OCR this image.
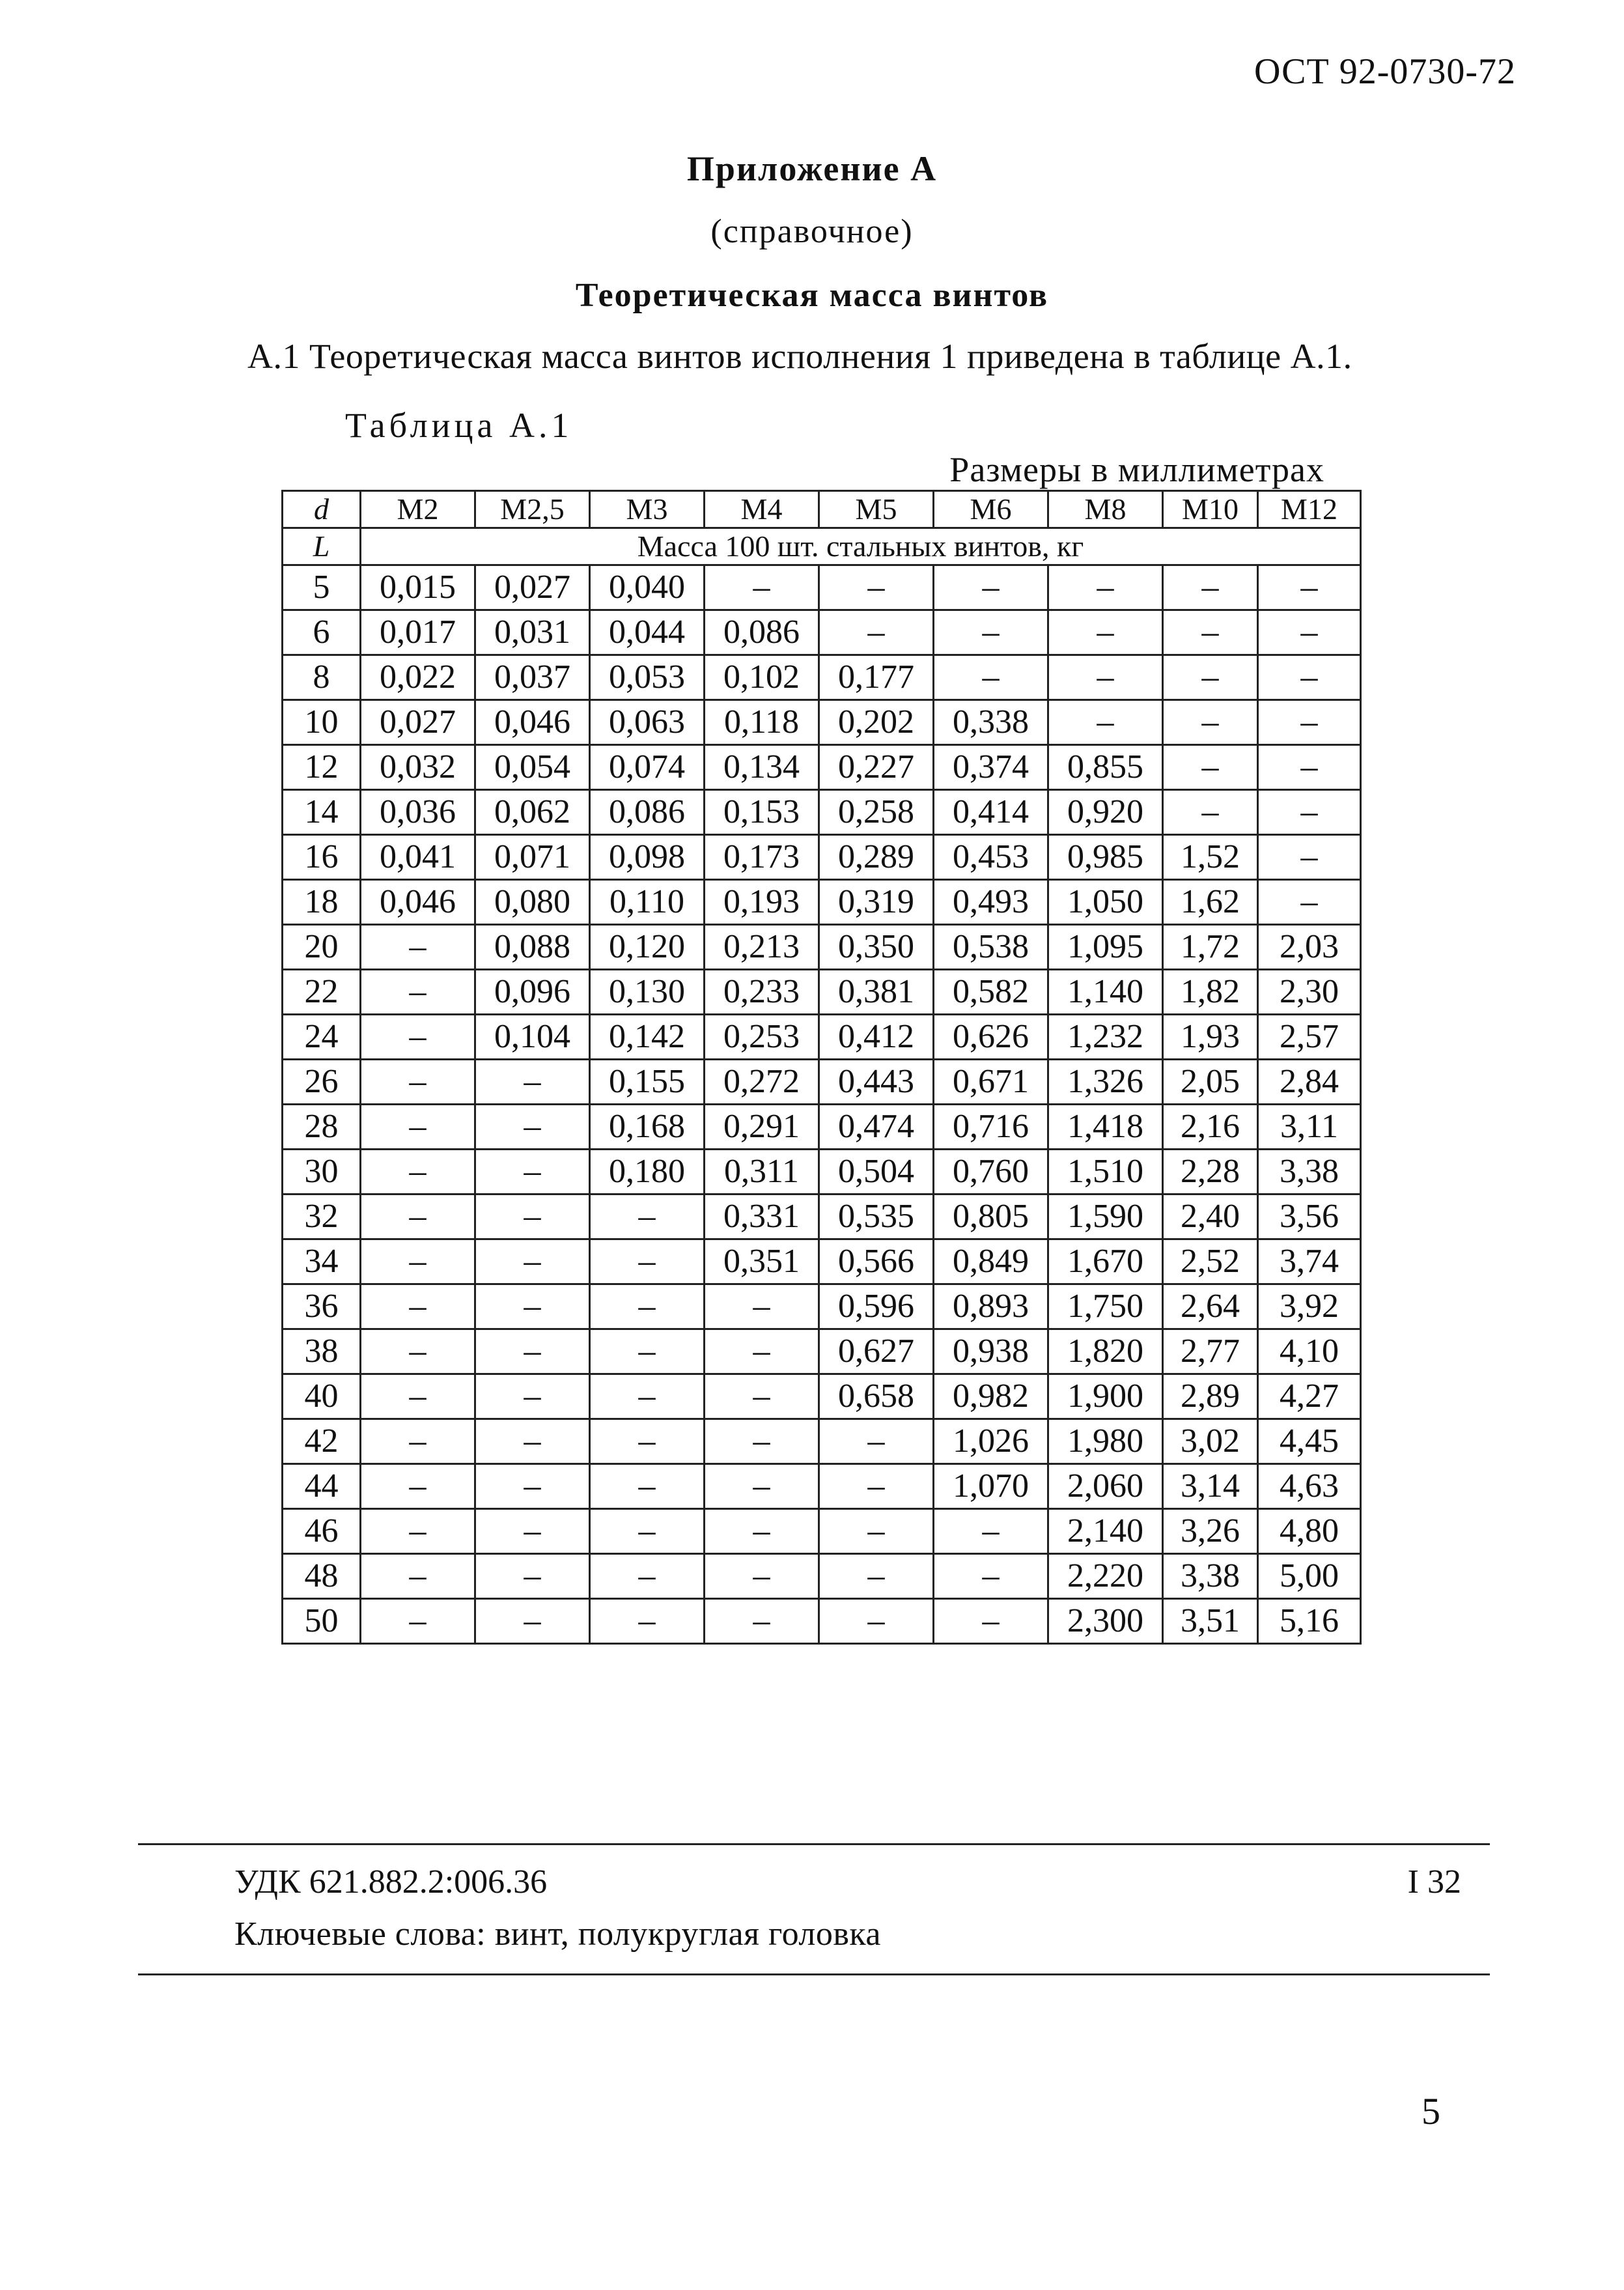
ОСТ 92-0730-72
Приложение А
(справочное)
Теоретическая масса винтов
А.1 Теоретическая масса винтов исполнения 1 приведена в таблице А.1.
Таблица А.1
Размеры в миллиметрах
d	М2	М2,5	М3	М4	М5	М6	М8	М10	М12
L	Масса 100 шт. стальных винтов, кг								
5	0,015	0,027	0,040	–	–	–	–	–	–
6	0,017	0,031	0,044	0,086	–	–	–	–	–
8	0,022	0,037	0,053	0,102	0,177	–	–	–	–
10	0,027	0,046	0,063	0,118	0,202	0,338	–	–	–
12	0,032	0,054	0,074	0,134	0,227	0,374	0,855	–	–
14	0,036	0,062	0,086	0,153	0,258	0,414	0,920	–	–
16	0,041	0,071	0,098	0,173	0,289	0,453	0,985	1,52	–
18	0,046	0,080	0,110	0,193	0,319	0,493	1,050	1,62	–
20	–	0,088	0,120	0,213	0,350	0,538	1,095	1,72	2,03
22	–	0,096	0,130	0,233	0,381	0,582	1,140	1,82	2,30
24	–	0,104	0,142	0,253	0,412	0,626	1,232	1,93	2,57
26	–	–	0,155	0,272	0,443	0,671	1,326	2,05	2,84
28	–	–	0,168	0,291	0,474	0,716	1,418	2,16	3,11
30	–	–	0,180	0,311	0,504	0,760	1,510	2,28	3,38
32	–	–	–	0,331	0,535	0,805	1,590	2,40	3,56
34	–	–	–	0,351	0,566	0,849	1,670	2,52	3,74
36	–	–	–	–	0,596	0,893	1,750	2,64	3,92
38	–	–	–	–	0,627	0,938	1,820	2,77	4,10
40	–	–	–	–	0,658	0,982	1,900	2,89	4,27
42	–	–	–	–	–	1,026	1,980	3,02	4,45
44	–	–	–	–	–	1,070	2,060	3,14	4,63
46	–	–	–	–	–	–	2,140	3,26	4,80
48	–	–	–	–	–	–	2,220	3,38	5,00
50	–	–	–	–	–	–	2,300	3,51	5,16
УДК 621.882.2:006.36	I 32
Ключевые слова: винт, полукруглая головка
5
